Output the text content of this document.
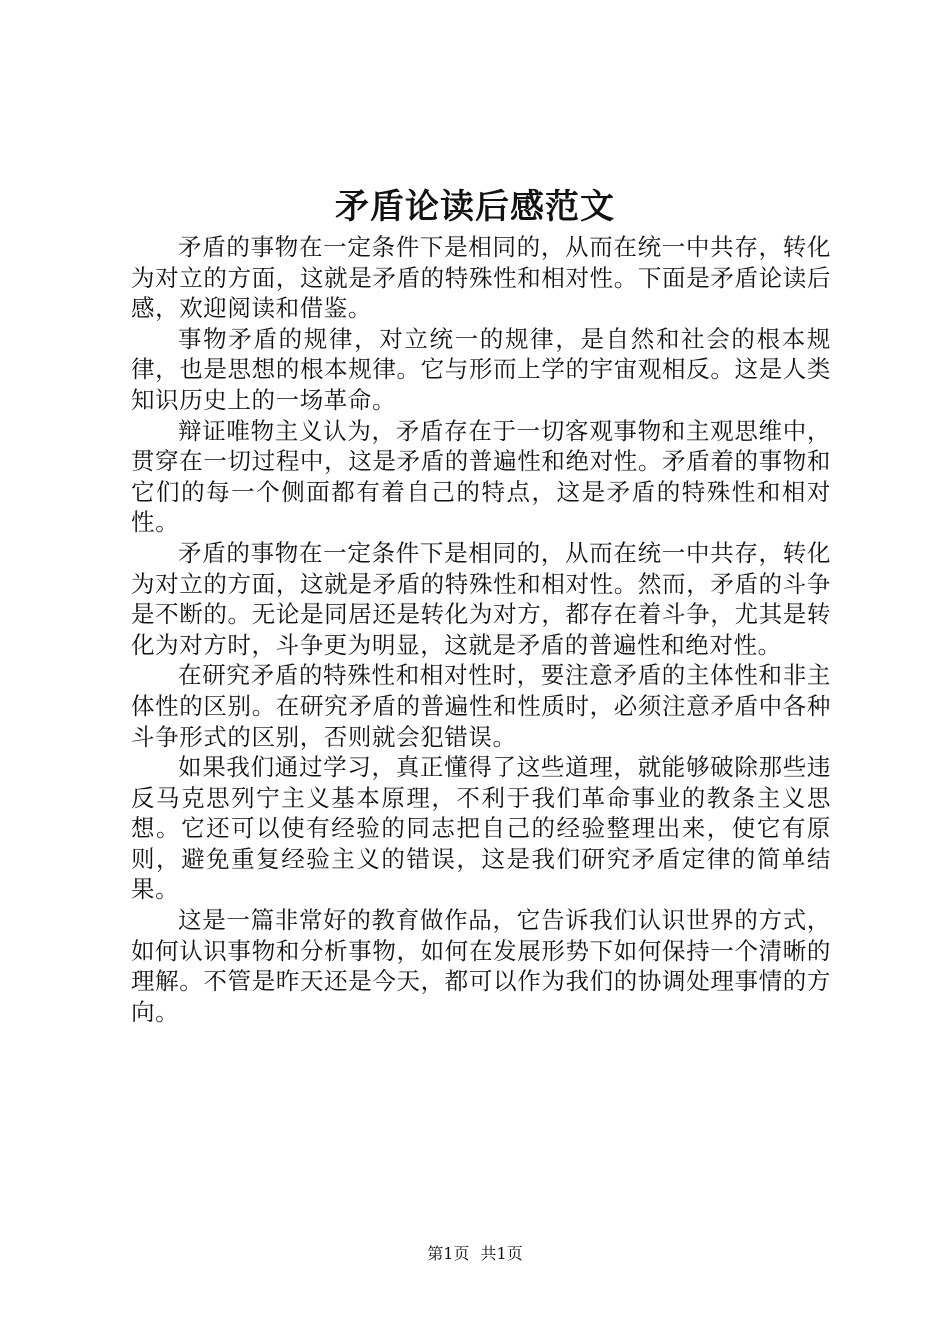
矛盾论读后感范文

矛盾的事物在一定条件下是相同的，从而在统一中共存，转化为对立的方面，这就是矛盾的特殊性和相对性。下面是矛盾论读后感，欢迎阅读和借鉴。

事物矛盾的规律，对立统一的规律，是自然和社会的根本规律，也是思想的根本规律。它与形而上学的宇宙观相反。这是人类知识历史上的一场革命。

辩证唯物主义认为，矛盾存在于一切客观事物和主观思维中，贯穿在一切过程中，这是矛盾的普遍性和绝对性。矛盾着的事物和它们的每一个侧面都有着自己的特点，这是矛盾的特殊性和相对性。

矛盾的事物在一定条件下是相同的，从而在统一中共存，转化为对立的方面，这就是矛盾的特殊性和相对性。然而，矛盾的斗争是不断的。无论是同居还是转化为对方，都存在着斗争，尤其是转化为对方时，斗争更为明显，这就是矛盾的普遍性和绝对性。

在研究矛盾的特殊性和相对性时，要注意矛盾的主体性和非主体性的区别。在研究矛盾的普遍性和性质时，必须注意矛盾中各种斗争形式的区别，否则就会犯错误。

如果我们通过学习，真正懂得了这些道理，就能够破除那些违反马克思列宁主义基本原理，不利于我们革命事业的教条主义思想。它还可以使有经验的同志把自己的经验整理出来，使它有原则，避免重复经验主义的错误，这是我们研究矛盾定律的简单结果。

这是一篇非常好的教育做作品，它告诉我们认识世界的方式，如何认识事物和分析事物，如何在发展形势下如何保持一个清晰的理解。不管是昨天还是今天，都可以作为我们的协调处理事情的方向。

第1页 共1页
